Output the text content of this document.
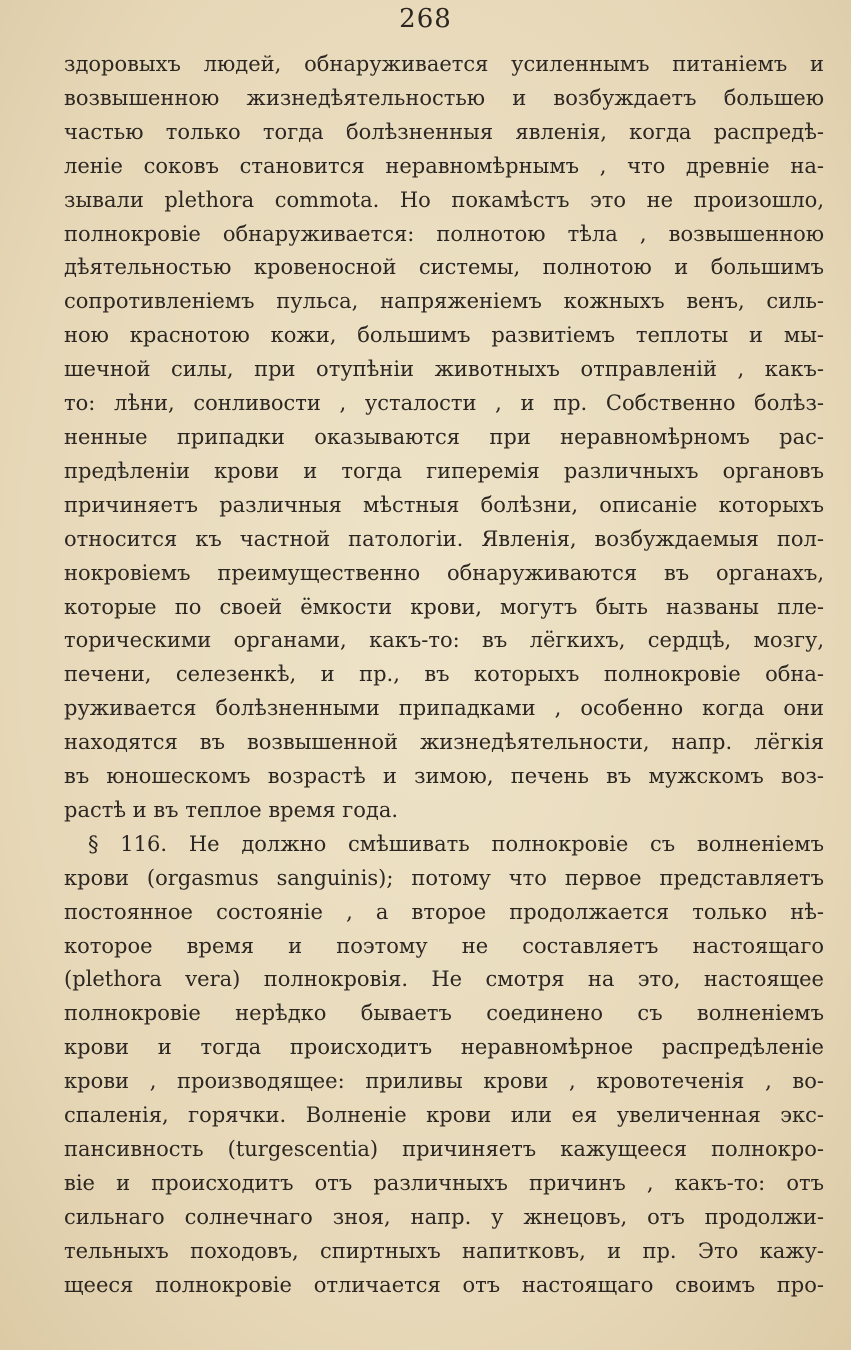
268
здоровыхъ людей, обнаруживается усиленнымъ питанiемъ и
возвышенною жизнедѣятельностью и возбуждаетъ большею
частью только тогда болѣзненныя явленiя, когда распредѣ-
ленiе соковъ становится неравномѣрнымъ , что древнiе на-
зывали plethora commota. Но покамѣстъ это не произошло,
полнокровiе обнаруживается: полнотою тѣла , возвышенною
дѣятельностью кровеносной системы, полнотою и большимъ
сопротивленiемъ пульса, напряженiемъ кожныхъ венъ, силь-
ною краснотою кожи, большимъ развитiемъ теплоты и мы-
шечной силы, при отупѣнiи животныхъ отправленiй , какъ-
то: лѣни, сонливости , усталости , и пр. Собственно болѣз-
ненные припадки оказываются при неравномѣрномъ рас-
предѣленiи крови и тогда гиперемiя различныхъ органовъ
причиняетъ различныя мѣстныя болѣзни, описанiе которыхъ
относится къ частной патологiи. Явленiя, возбуждаемыя пол-
нокровiемъ преимущественно обнаруживаются въ органахъ,
которые по своей ёмкости крови, могутъ быть названы пле-
торическими органами, какъ-то: въ лёгкихъ, сердцѣ, мозгу,
печени, селезенкѣ, и пр., въ которыхъ полнокровiе обна-
руживается болѣзненными припадками , особенно когда они
находятся въ возвышенной жизнедѣятельности, напр. лёгкiя
въ юношескомъ возрастѣ и зимою, печень въ мужскомъ воз-
растѣ и въ теплое время года.
§ 116. Не должно смѣшивать полнокровiе съ волненiемъ
крови (orgasmus sanguinis); потому что первое представляетъ
постоянное состоянiе , а второе продолжается только нѣ-
которое время и поэтому не составляетъ настоящаго
(plethora vera) полнокровiя. Не смотря на это, настоящее
полнокровiе нерѣдко бываетъ соединено съ волненiемъ
крови и тогда происходитъ неравномѣрное распредѣленiе
крови , производящее: приливы крови , кровотеченiя , во-
спаленiя, горячки. Волненiе крови или ея увеличенная экс-
пансивность (turgescentia) причиняетъ кажущееся полнокро-
вiе и происходитъ отъ различныхъ причинъ , какъ-то: отъ
сильнаго солнечнаго зноя, напр. у жнецовъ, отъ продолжи-
тельныхъ походовъ, спиртныхъ напитковъ, и пр. Это кажу-
щееся полнокровiе отличается отъ настоящаго своимъ про-
